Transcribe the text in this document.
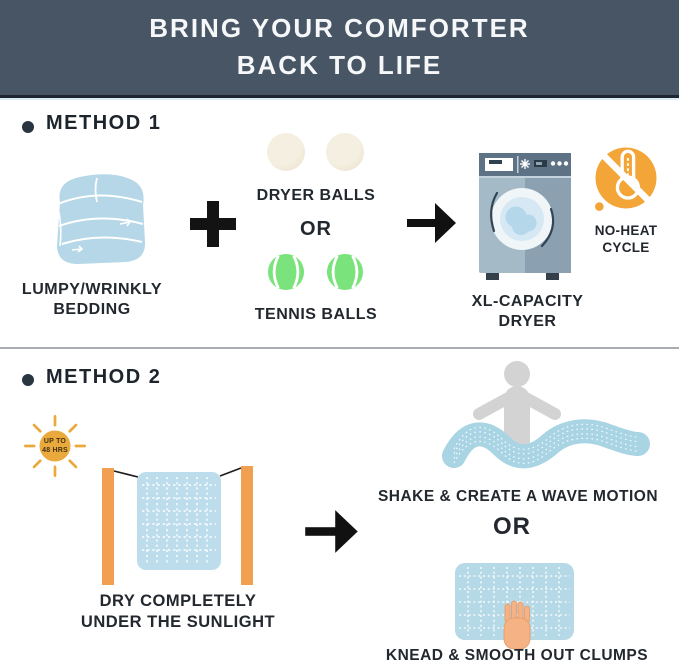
BRING YOUR COMFORTER
BACK TO LIFE
METHOD 1
LUMPY/WRINKLY
BEDDING
DRYER BALLS
OR
TENNIS BALLS
XL-CAPACITY
DRYER
NO-HEAT
CYCLE
METHOD 2
UP TO
48 HRS
DRY COMPLETELY
UNDER THE SUNLIGHT
SHAKE & CREATE A WAVE MOTION
OR
KNEAD & SMOOTH OUT CLUMPS
